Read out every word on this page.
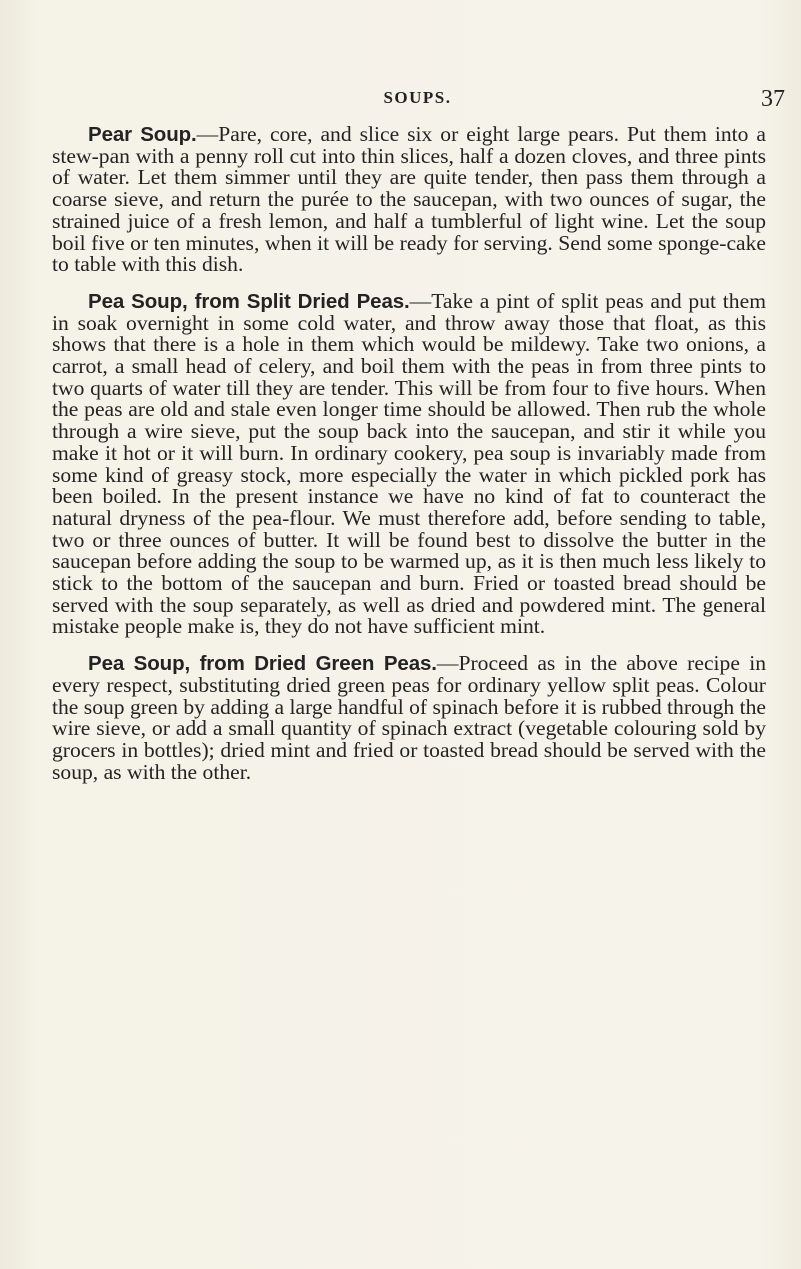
SOUPS.	37

Pear Soup.—Pare, core, and slice six or eight large pears. Put them into a stew-pan with a penny roll cut into thin slices, half a dozen cloves, and three pints of water. Let them simmer until they are quite tender, then pass them through a coarse sieve, and return the purée to the saucepan, with two ounces of sugar, the strained juice of a fresh lemon, and half a tumblerful of light wine. Let the soup boil five or ten minutes, when it will be ready for serving. Send some sponge-cake to table with this dish.

Pea Soup, from Split Dried Peas.—Take a pint of split peas and put them in soak overnight in some cold water, and throw away those that float, as this shows that there is a hole in them which would be mildewy. Take two onions, a carrot, a small head of celery, and boil them with the peas in from three pints to two quarts of water till they are tender. This will be from four to five hours. When the peas are old and stale even longer time should be allowed. Then rub the whole through a wire sieve, put the soup back into the saucepan, and stir it while you make it hot or it will burn. In ordinary cookery, pea soup is invariably made from some kind of greasy stock, more especially the water in which pickled pork has been boiled. In the present instance we have no kind of fat to counteract the natural dryness of the pea-flour. We must therefore add, before sending to table, two or three ounces of butter. It will be found best to dissolve the butter in the saucepan before adding the soup to be warmed up, as it is then much less likely to stick to the bottom of the saucepan and burn. Fried or toasted bread should be served with the soup separately, as well as dried and powdered mint. The general mistake people make is, they do not have sufficient mint.

Pea Soup, from Dried Green Peas.—Proceed as in the above recipe in every respect, substituting dried green peas for ordinary yellow split peas. Colour the soup green by adding a large handful of spinach before it is rubbed through the wire sieve, or add a small quantity of spinach extract (vegetable colouring sold by grocers in bottles); dried mint and fried or toasted bread should be served with the soup, as with the other.
